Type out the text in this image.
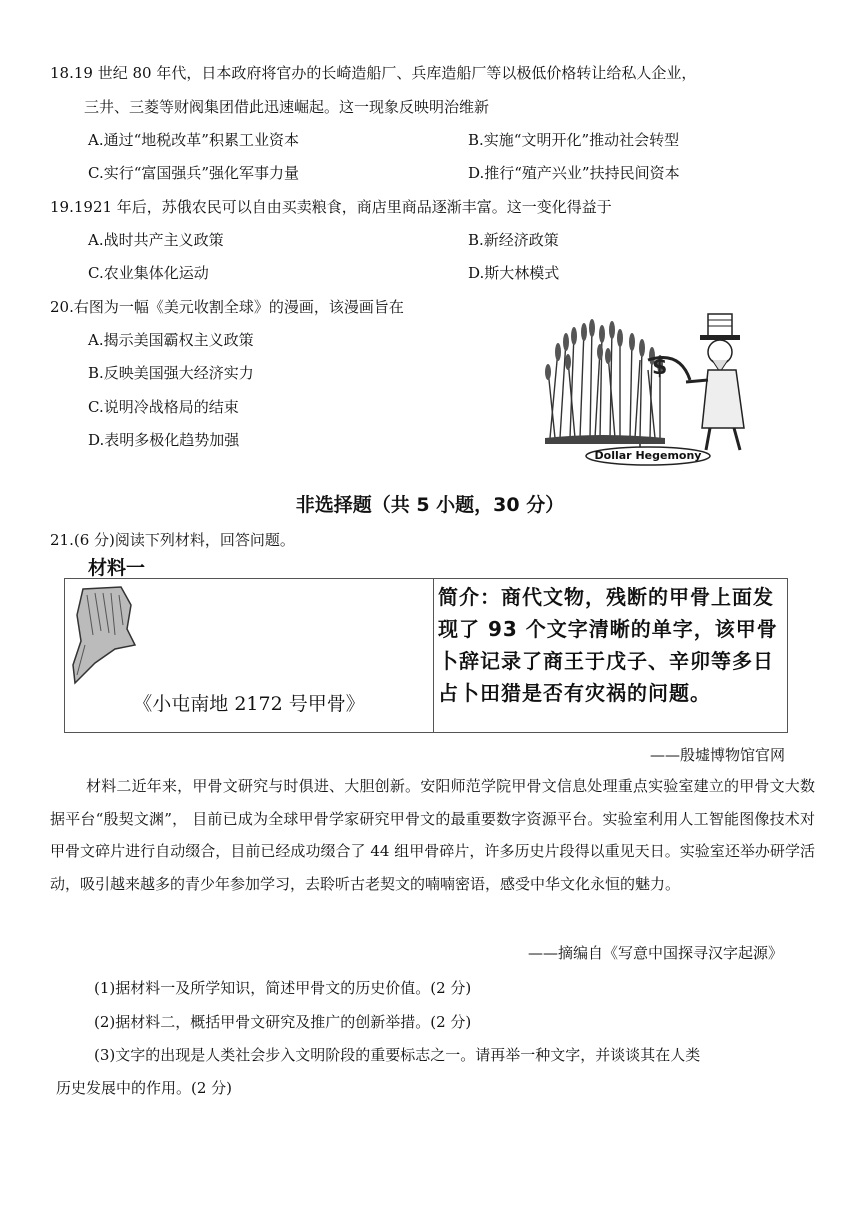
18.19 世纪 80 年代，日本政府将官办的长崎造船厂、兵库造船厂等以极低价格转让给私人企业，
三井、三菱等财阀集团借此迅速崛起。这一现象反映明治维新
A.通过“地税改革”积累工业资本	B.实施“文明开化”推动社会转型
C.实行“富国强兵”强化军事力量	D.推行“殖产兴业”扶持民间资本
19.1921 年后，苏俄农民可以自由买卖粮食，商店里商品逐渐丰富。这一变化得益于
A.战时共产主义政策	B.新经济政策
C.农业集体化运动	D.斯大林模式
20.右图为一幅《美元收割全球》的漫画，该漫画旨在
A.揭示美国霸权主义政策
B.反映美国强大经济实力
C.说明冷战格局的结束
D.表明多极化趋势加强
$
Dollar Hegemony
非选择题（共 5 小题，30 分）
21.(6 分)阅读下列材料，回答问题。
材料一
《小屯南地 2172 号甲骨》
	简介：商代文物，残断的甲骨上面发现了 93 个文字清晰的单字，该甲骨卜辞记录了商王于戊子、辛卯等多日占卜田猎是否有灾祸的问题。
——殷墟博物馆官网
材料二近年来，甲骨文研究与时俱进、大胆创新。安阳师范学院甲骨文信息处理重点实验室建立的甲骨文大数据平台“殷契文渊”， 目前已成为全球甲骨学家研究甲骨文的最重要数字资源平台。实验室利用人工智能图像技术对甲骨文碎片进行自动缀合，目前已经成功缀合了 44 组甲骨碎片，许多历史片段得以重见天日。实验室还举办研学活动，吸引越来越多的青少年参加学习，去聆听古老契文的喃喃密语，感受中华文化永恒的魅力。
——摘编自《写意中国探寻汉字起源》
(1)据材料一及所学知识，简述甲骨文的历史价值。(2 分)
(2)据材料二，概括甲骨文研究及推广的创新举措。(2 分)
(3)文字的出现是人类社会步入文明阶段的重要标志之一。请再举一种文字，并谈谈其在人类
历史发展中的作用。(2 分)
